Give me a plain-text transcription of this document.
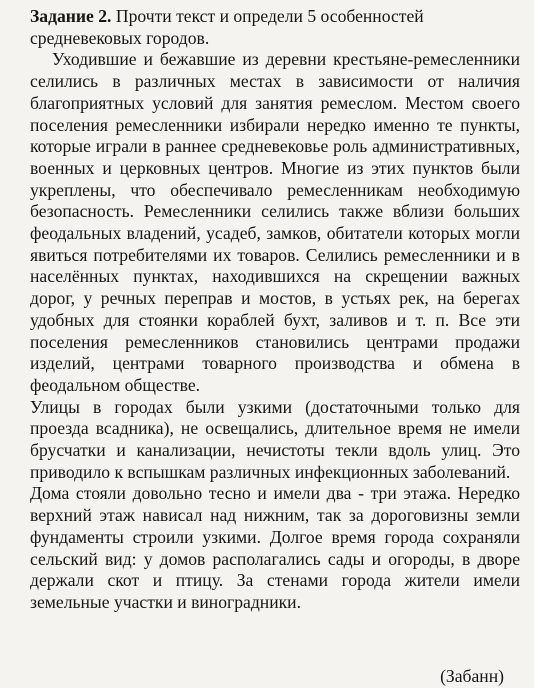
Задание 2. Прочти текст и определи 5 особенностей средневековых городов.

Уходившие и бежавшие из деревни крестьяне-ремесленники селились в различных местах в зависимости от наличия благоприятных условий для занятия ремеслом. Местом своего поселения ремесленники избирали нередко именно те пункты, которые играли в раннее средневековье роль административных, военных и церковных центров. Многие из этих пунктов были укреплены, что обеспечивало ремесленникам необходимую безопасность. Ремесленники селились также вблизи больших феодальных владений, усадеб, замков, обитатели которых могли явиться потребителями их товаров. Селились ремесленники и в населённых пунктах, находившихся на скрещении важных дорог, у речных переправ и мостов, в устьях рек, на берегах удобных для стоянки кораблей бухт, заливов и т. п. Все эти поселения ремесленников становились центрами продажи изделий, центрами товарного производства и обмена в феодальном обществе.

Улицы в городах были узкими (достаточными только для проезда всадника), не освещались, длительное время не имели брусчатки и канализации, нечистоты текли вдоль улиц. Это приводило к вспышкам различных инфекционных заболеваний.

Дома стояли довольно тесно и имели два - три этажа. Нередко верхний этаж нависал над нижним, так за дороговизны земли фундаменты строили узкими. Долгое время города сохраняли сельский вид: у домов располагались сады и огороды, в дворе держали скот и птицу. За стенами города жители имели земельные участки и виноградники.

(Забанн)
